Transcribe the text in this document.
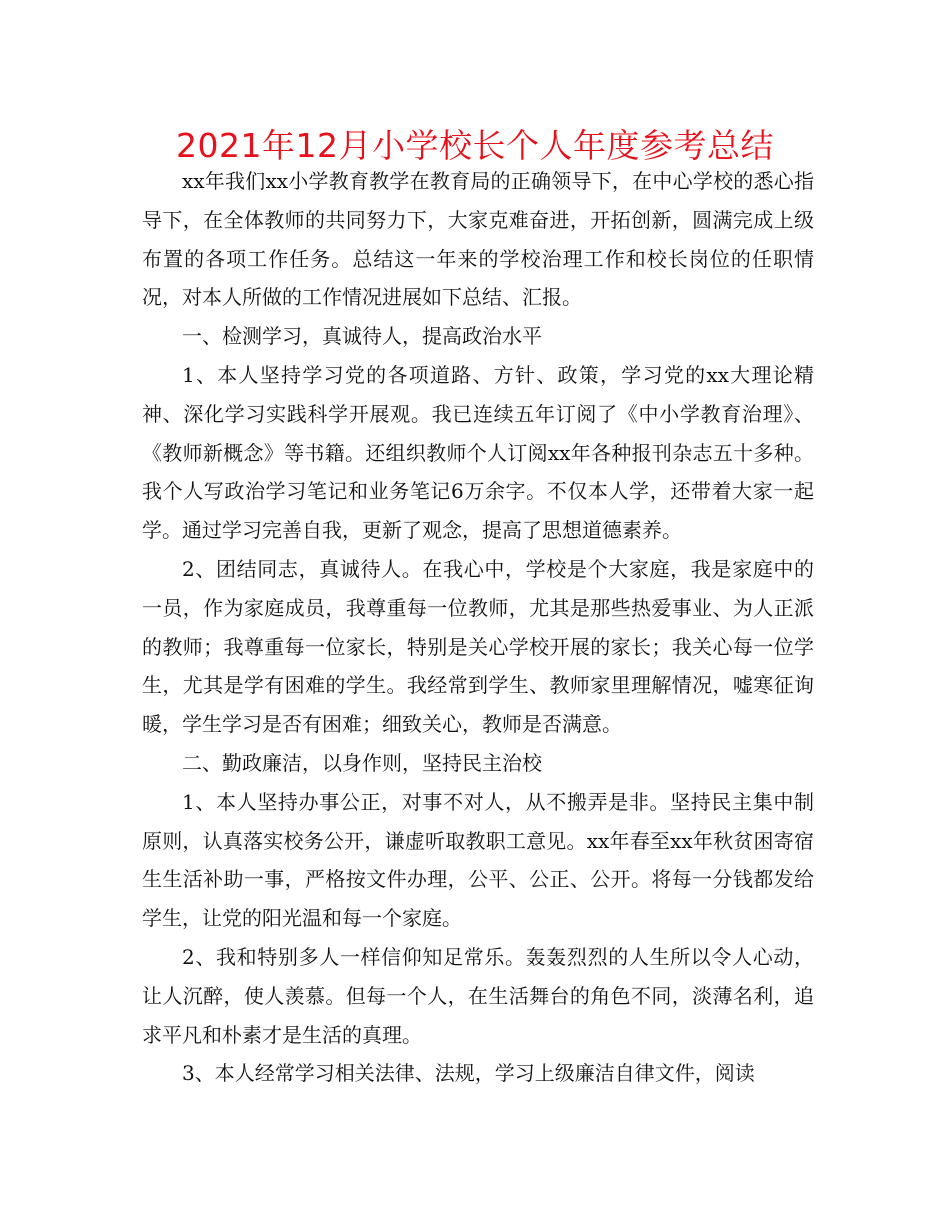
2021年12月小学校长个人年度参考总结

xx年我们xx小学教育教学在教育局的正确领导下，在中心学校的悉心指导下，在全体教师的共同努力下，大家克难奋进，开拓创新，圆满完成上级布置的各项工作任务。总结这一年来的学校治理工作和校长岗位的任职情况，对本人所做的工作情况进展如下总结、汇报。

一、检测学习，真诚待人，提高政治水平

1、本人坚持学习党的各项道路、方针、政策，学习党的xx大理论精神、深化学习实践科学开展观。我已连续五年订阅了《中小学教育治理》、《教师新概念》等书籍。还组织教师个人订阅xx年各种报刊杂志五十多种。我个人写政治学习笔记和业务笔记6万余字。不仅本人学，还带着大家一起学。通过学习完善自我，更新了观念，提高了思想道德素养。

2、团结同志，真诚待人。在我心中，学校是个大家庭，我是家庭中的一员，作为家庭成员，我尊重每一位教师，尤其是那些热爱事业、为人正派的教师；我尊重每一位家长，特别是关心学校开展的家长；我关心每一位学生，尤其是学有困难的学生。我经常到学生、教师家里理解情况，嘘寒征询暖，学生学习是否有困难；细致关心，教师是否满意。

二、勤政廉洁，以身作则，坚持民主治校

1、本人坚持办事公正，对事不对人，从不搬弄是非。坚持民主集中制原则，认真落实校务公开，谦虚听取教职工意见。xx年春至xx年秋贫困寄宿生生活补助一事，严格按文件办理，公平、公正、公开。将每一分钱都发给学生，让党的阳光温和每一个家庭。

2、我和特别多人一样信仰知足常乐。轰轰烈烈的人生所以令人心动，让人沉醉，使人羡慕。但每一个人，在生活舞台的角色不同，淡薄名利，追求平凡和朴素才是生活的真理。

3、本人经常学习相关法律、法规，学习上级廉洁自律文件，阅读
